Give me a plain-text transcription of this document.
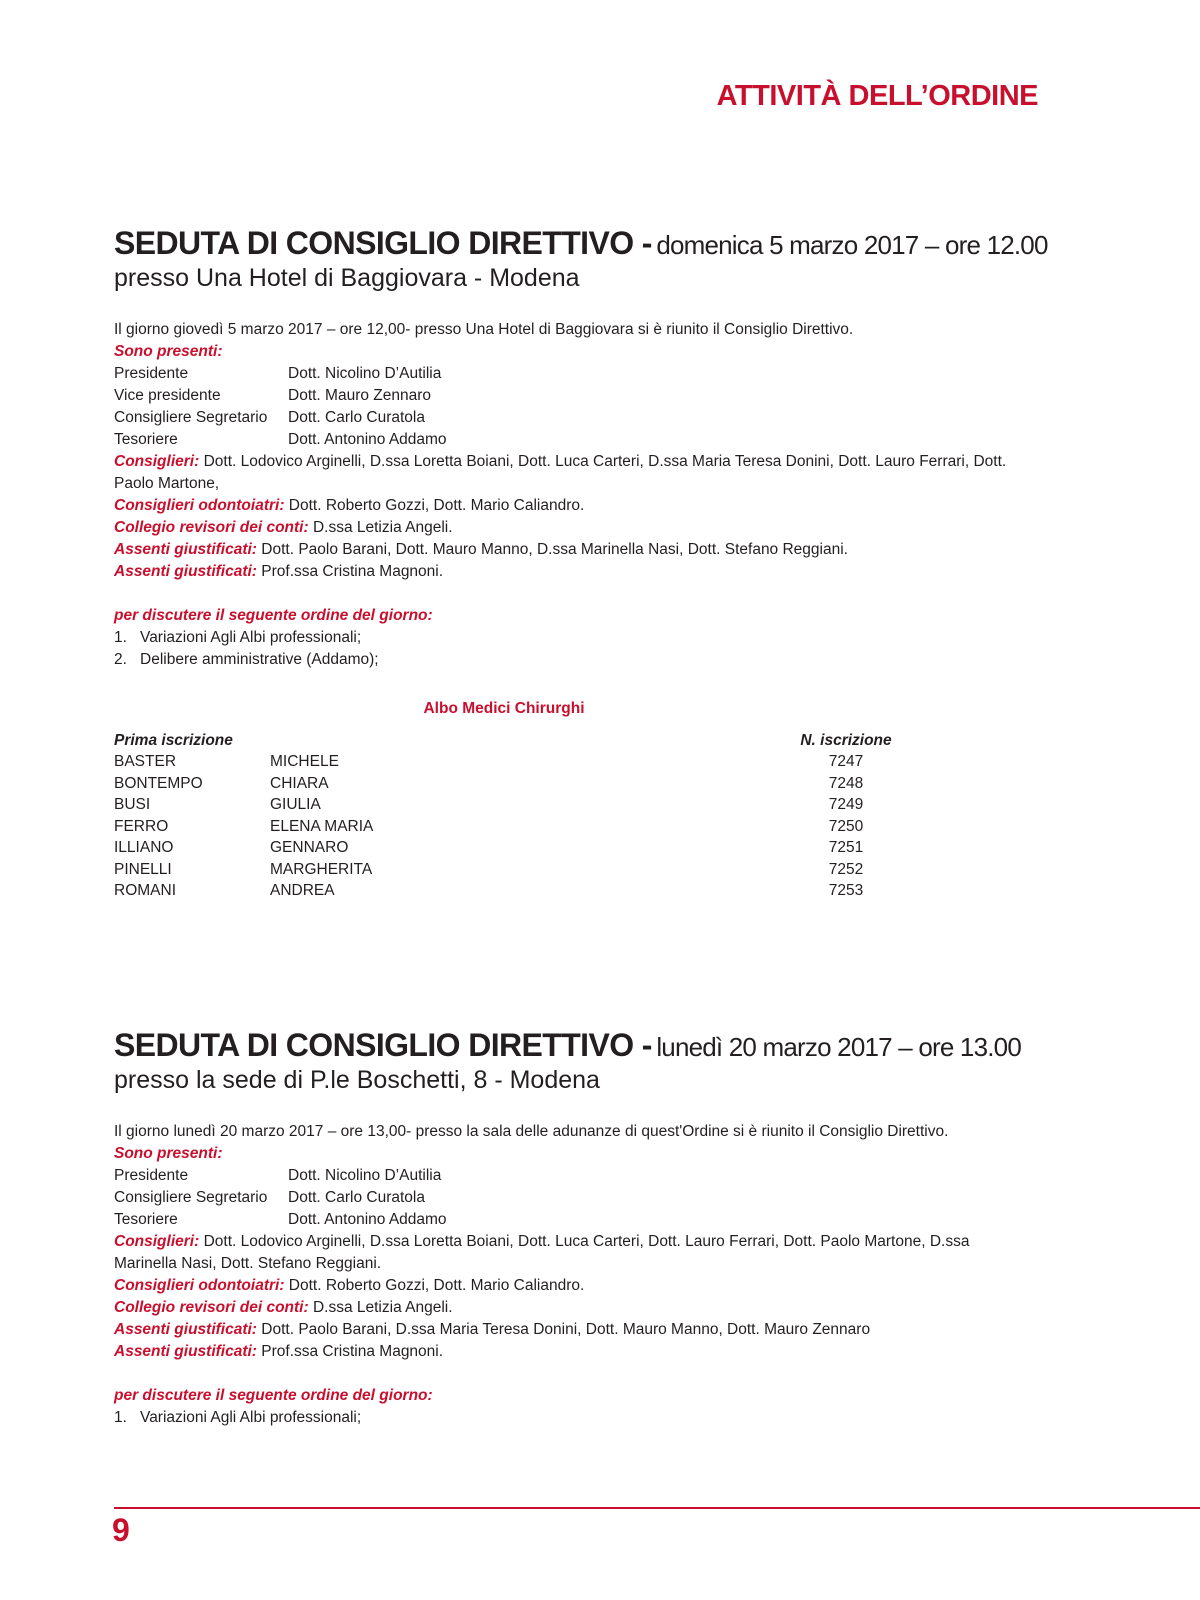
ATTIVITÀ DELL’ORDINE
SEDUTA DI CONSIGLIO DIRETTIVO - domenica 5 marzo 2017 – ore 12.00
presso Una Hotel di Baggiovara - Modena
Il giorno giovedì 5 marzo 2017 – ore 12,00- presso Una Hotel di Baggiovara si è riunito il Consiglio Direttivo.
Sono presenti:
Presidente	Dott. Nicolino D’Autilia
Vice presidente	Dott. Mauro Zennaro
Consigliere Segretario	Dott. Carlo Curatola
Tesoriere	Dott. Antonino Addamo
Consiglieri: Dott. Lodovico Arginelli, D.ssa Loretta Boiani, Dott. Luca Carteri, D.ssa Maria Teresa Donini, Dott. Lauro Ferrari, Dott. Paolo Martone,
Consiglieri odontoiatri: Dott. Roberto Gozzi, Dott. Mario Caliandro.
Collegio revisori dei conti: D.ssa Letizia Angeli.
Assenti giustificati: Dott. Paolo Barani, Dott. Mauro Manno, D.ssa Marinella Nasi, Dott. Stefano Reggiani.
Assenti giustificati: Prof.ssa Cristina Magnoni.
per discutere il seguente ordine del giorno:
1. Variazioni Agli Albi professionali;
2. Delibere amministrative (Addamo);
Albo Medici Chirurghi
Prima iscrizione	N. iscrizione
BASTER	MICHELE	7247
BONTEMPO	CHIARA	7248
BUSI	GIULIA	7249
FERRO	ELENA MARIA	7250
ILLIANO	GENNARO	7251
PINELLI	MARGHERITA	7252
ROMANI	ANDREA	7253
SEDUTA DI CONSIGLIO DIRETTIVO - lunedì 20 marzo 2017 – ore 13.00
presso la sede di P.le Boschetti, 8 - Modena
Il giorno lunedì 20 marzo 2017 – ore 13,00- presso la sala delle adunanze di quest'Ordine si è riunito il Consiglio Direttivo.
Sono presenti:
Presidente	Dott. Nicolino D’Autilia
Consigliere Segretario	Dott. Carlo Curatola
Tesoriere	Dott. Antonino Addamo
Consiglieri: Dott. Lodovico Arginelli, D.ssa Loretta Boiani, Dott. Luca Carteri, Dott. Lauro Ferrari, Dott. Paolo Martone, D.ssa Marinella Nasi, Dott. Stefano Reggiani.
Consiglieri odontoiatri: Dott. Roberto Gozzi, Dott. Mario Caliandro.
Collegio revisori dei conti: D.ssa Letizia Angeli.
Assenti giustificati: Dott. Paolo Barani, D.ssa Maria Teresa Donini, Dott. Mauro Manno, Dott. Mauro Zennaro
Assenti giustificati: Prof.ssa Cristina Magnoni.
per discutere il seguente ordine del giorno:
1. Variazioni Agli Albi professionali;
9
